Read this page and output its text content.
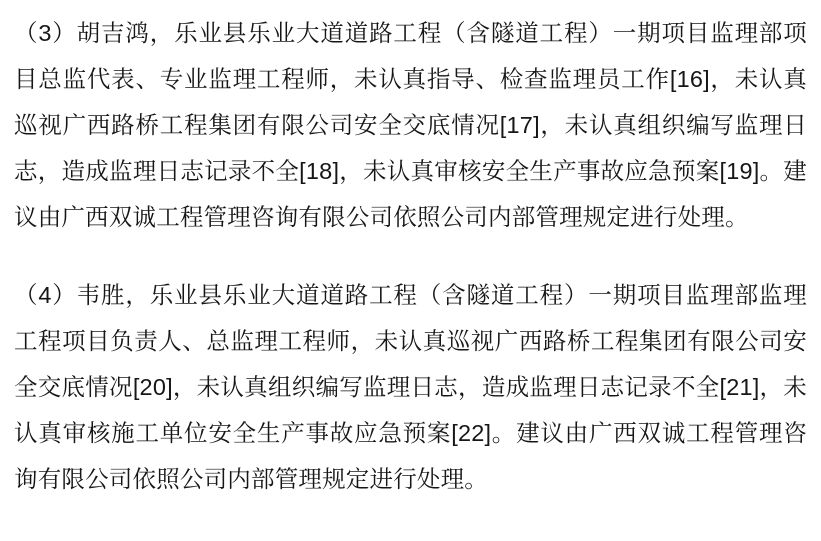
（3）胡吉鸿，乐业县乐业大道道路工程（含隧道工程）一期项目监理部项目总监代表、专业监理工程师，未认真指导、检查监理员工作[16]，未认真巡视广西路桥工程集团有限公司安全交底情况[17]，未认真组织编写监理日志，造成监理日志记录不全[18]，未认真审核安全生产事故应急预案[19]。建议由广西双诚工程管理咨询有限公司依照公司内部管理规定进行处理。

（4）韦胜，乐业县乐业大道道路工程（含隧道工程）一期项目监理部监理工程项目负责人、总监理工程师，未认真巡视广西路桥工程集团有限公司安全交底情况[20]，未认真组织编写监理日志，造成监理日志记录不全[21]，未认真审核施工单位安全生产事故应急预案[22]。建议由广西双诚工程管理咨询有限公司依照公司内部管理规定进行处理。
